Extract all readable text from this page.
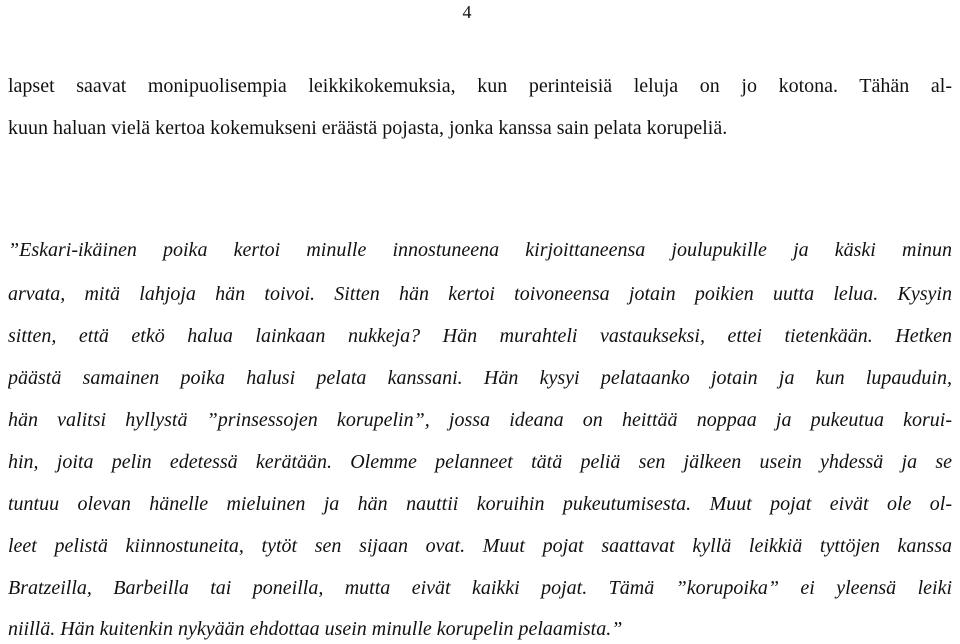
4
lapset saavat monipuolisempia leikkikokemuksia, kun perinteisiä leluja on jo kotona. Tähän al-
kuun haluan vielä kertoa kokemukseni eräästä pojasta, jonka kanssa sain pelata korupeliä.
”Eskari-ikäinen poika kertoi minulle innostuneena kirjoittaneensa joulupukille ja käski minun
arvata, mitä lahjoja hän toivoi. Sitten hän kertoi toivoneensa jotain poikien uutta lelua. Kysyin
sitten, että etkö halua lainkaan nukkeja? Hän murahteli vastaukseksi, ettei tietenkään. Hetken
päästä samainen poika halusi pelata kanssani. Hän kysyi pelataanko jotain ja kun lupauduin,
hän valitsi hyllystä ”prinsessojen korupelin”, jossa ideana on heittää noppaa ja pukeutua korui-
hin, joita pelin edetessä kerätään. Olemme pelanneet tätä peliä sen jälkeen usein yhdessä ja se
tuntuu olevan hänelle mieluinen ja hän nauttii koruihin pukeutumisesta. Muut pojat eivät ole ol-
leet pelistä kiinnostuneita, tytöt sen sijaan ovat. Muut pojat saattavat kyllä leikkiä tyttöjen kanssa
Bratzeilla, Barbeilla tai poneilla, mutta eivät kaikki pojat. Tämä ”korupoika” ei yleensä leiki
niillä. Hän kuitenkin nykyään ehdottaa usein minulle korupelin pelaamista.”
